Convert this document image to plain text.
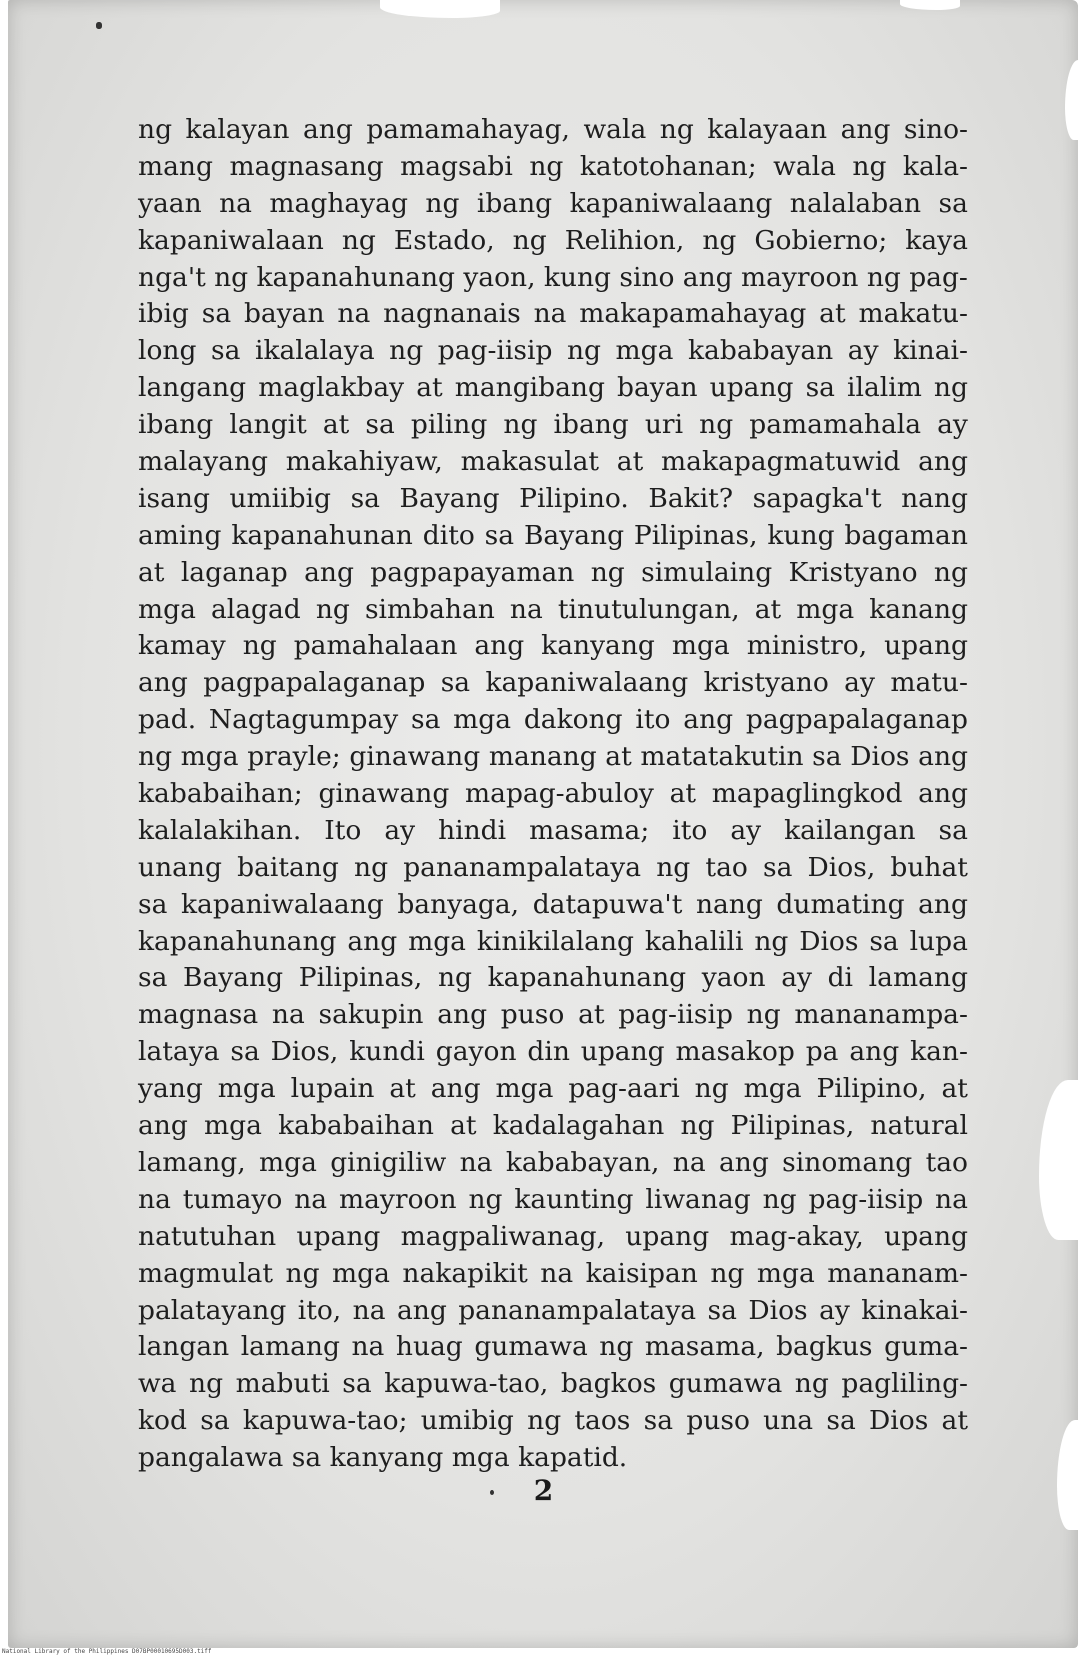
ng kalayan ang pamamahayag, wala ng kalayaan ang sino-
mang magnasang magsabi ng katotohanan; wala ng kala-
yaan na maghayag ng ibang kapaniwalaang nalalaban sa
kapaniwalaan ng Estado, ng Relihion, ng Gobierno; kaya
nga't ng kapanahunang yaon, kung sino ang mayroon ng pag-
ibig sa bayan na nagnanais na makapamahayag at makatu-
long sa ikalalaya ng pag-iisip ng mga kababayan ay kinai-
langang maglakbay at mangibang bayan upang sa ilalim ng
ibang langit at sa piling ng ibang uri ng pamamahala ay
malayang makahiyaw, makasulat at makapagmatuwid ang
isang umiibig sa Bayang Pilipino. Bakit? sapagka't nang
aming kapanahunan dito sa Bayang Pilipinas, kung bagaman
at laganap ang pagpapayaman ng simulaing Kristyano ng
mga alagad ng simbahan na tinutulungan, at mga kanang
kamay ng pamahalaan ang kanyang mga ministro, upang
ang pagpapalaganap sa kapaniwalaang kristyano ay matu-
pad. Nagtagumpay sa mga dakong ito ang pagpapalaganap
ng mga prayle; ginawang manang at matatakutin sa Dios ang
kababaihan; ginawang mapag-abuloy at mapaglingkod ang
kalalakihan. Ito ay hindi masama; ito ay kailangan sa
unang baitang ng pananampalataya ng tao sa Dios, buhat
sa kapaniwalaang banyaga, datapuwa't nang dumating ang
kapanahunang ang mga kinikilalang kahalili ng Dios sa lupa
sa Bayang Pilipinas, ng kapanahunang yaon ay di lamang
magnasa na sakupin ang puso at pag-iisip ng mananampa-
lataya sa Dios, kundi gayon din upang masakop pa ang kan-
yang mga lupain at ang mga pag-aari ng mga Pilipino, at
ang mga kababaihan at kadalagahan ng Pilipinas, natural
lamang, mga ginigiliw na kababayan, na ang sinomang tao
na tumayo na mayroon ng kaunting liwanag ng pag-iisip na
natutuhan upang magpaliwanag, upang mag-akay, upang
magmulat ng mga nakapikit na kaisipan ng mga mananam-
palatayang ito, na ang pananampalataya sa Dios ay kinakai-
langan lamang na huag gumawa ng masama, bagkus guma-
wa ng mabuti sa kapuwa-tao, bagkos gumawa ng pagliling-
kod sa kapuwa-tao; umibig ng taos sa puso una sa Dios at
pangalawa sa kanyang mga kapatid.
2
National Library of the Philippines D07BP00010695D003.tiff
